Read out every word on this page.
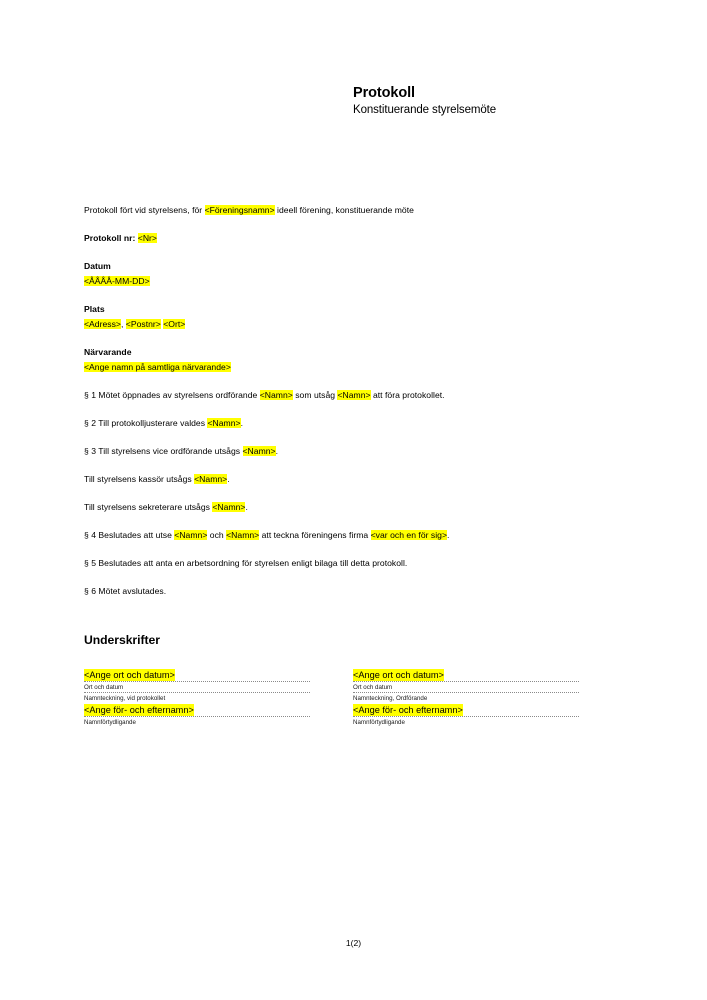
Protokoll
Konstituerande styrelsemöte

Protokoll fört vid styrelsens, för <Föreningsnamn> ideell förening, konstituerande möte

Protokoll nr: <Nr>

Datum

<ÅÅÅÅ-MM-DD>

Plats

<Adress>, <Postnr> <Ort>

Närvarande

<Ange namn på samtliga närvarande>

§ 1 Mötet öppnades av styrelsens ordförande <Namn> som utsåg <Namn> att föra protokollet.

§ 2 Till protokolljusterare valdes <Namn>.

§ 3 Till styrelsens vice ordförande utsågs <Namn>.

Till styrelsens kassör utsågs <Namn>.

Till styrelsens sekreterare utsågs <Namn>.

§ 4 Beslutades att utse <Namn> och <Namn> att teckna föreningens firma <var och en för sig>.

§ 5 Beslutades att anta en arbetsordning för styrelsen enligt bilaga till detta protokoll.

§ 6 Mötet avslutades.

Underskrifter
<Ange ort och datum>
Ort och datum
Namnteckning, vid protokollet
<Ange för- och efternamn>
Namnförtydligande
<Ange ort och datum>
Ort och datum
Namnteckning, Ordförande
<Ange för- och efternamn>
Namnförtydligande
1(2)
